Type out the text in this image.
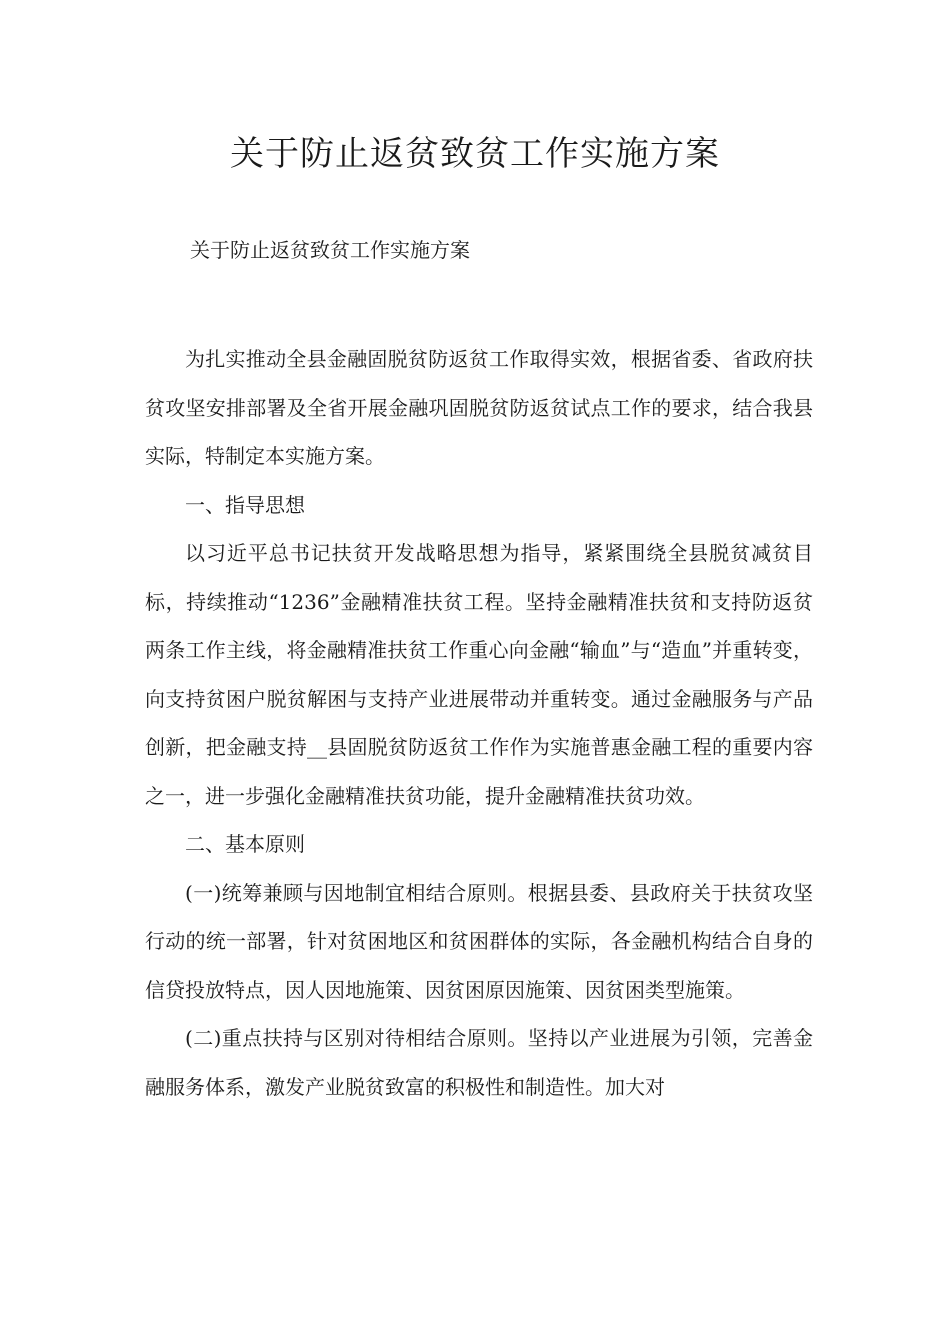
关于防止返贫致贫工作实施方案
关于防止返贫致贫工作实施方案

为扎实推动全县金融固脱贫防返贫工作取得实效，根据省委、省政府扶贫攻坚安排部署及全省开展金融巩固脱贫防返贫试点工作的要求，结合我县实际，特制定本实施方案。

一、指导思想

以习近平总书记扶贫开发战略思想为指导，紧紧围绕全县脱贫减贫目标，持续推动“1236”金融精准扶贫工程。坚持金融精准扶贫和支持防返贫两条工作主线，将金融精准扶贫工作重心向金融“输血”与“造血”并重转变，向支持贫困户脱贫解困与支持产业进展带动并重转变。通过金融服务与产品创新，把金融支持__县固脱贫防返贫工作作为实施普惠金融工程的重要内容之一，进一步强化金融精准扶贫功能，提升金融精准扶贫功效。

二、基本原则

(一)统筹兼顾与因地制宜相结合原则。根据县委、县政府关于扶贫攻坚行动的统一部署，针对贫困地区和贫困群体的实际，各金融机构结合自身的信贷投放特点，因人因地施策、因贫困原因施策、因贫困类型施策。

(二)重点扶持与区别对待相结合原则。坚持以产业进展为引领，完善金融服务体系，激发产业脱贫致富的积极性和制造性。加大对
